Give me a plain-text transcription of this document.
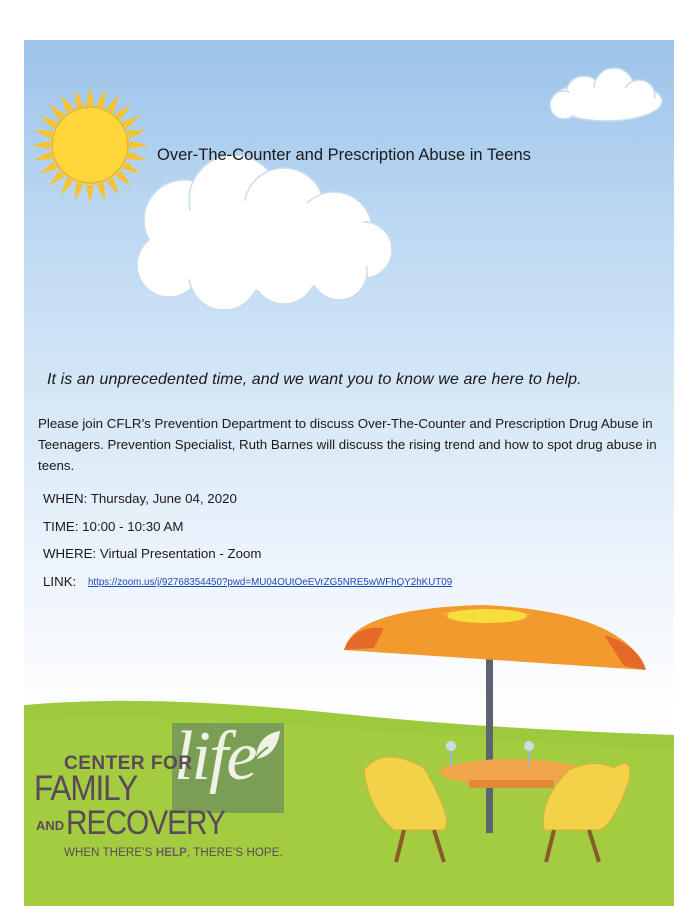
Over-The-Counter and Prescription Abuse in Teens

It is an unprecedented time, and we want you to know we are here to help.

Please join CFLR’s Prevention Department to discuss Over-The-Counter and Prescription Drug Abuse in Teenagers. Prevention Specialist, Ruth Barnes will discuss the rising trend and how to spot drug abuse in teens.

WHEN: Thursday, June 04, 2020

TIME: 10:00 - 10:30 AM

WHERE: Virtual Presentation - Zoom

LINK: https://zoom.us/j/92768354450?pwd=MU04OUtOeEVrZG5NRE5wWFhQY2hKUT09

life

CENTER FOR

FAMILY

AND RECOVERY

WHEN THERE’S HELP, THERE’S HOPE.
